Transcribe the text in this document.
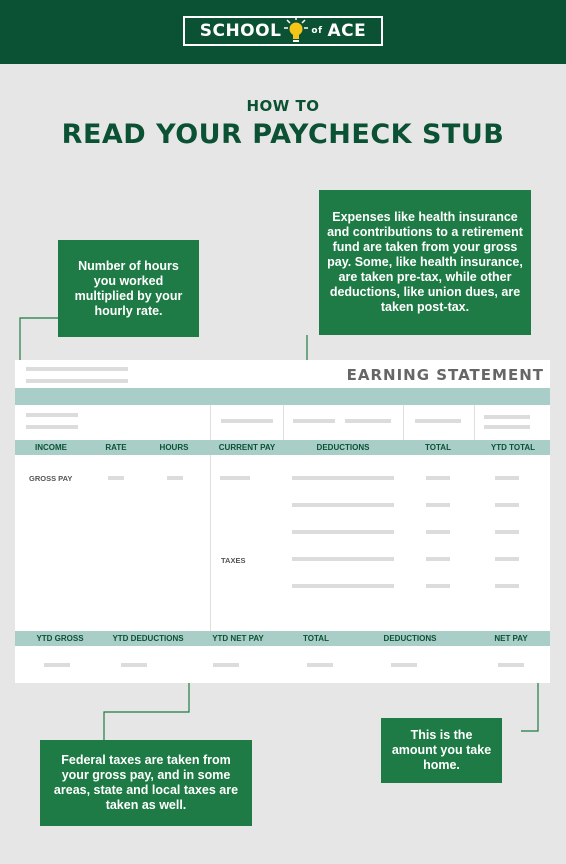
SCHOOL	of ACE
HOW TO
READ YOUR PAYCHECK STUB
Number of hours you worked multiplied by your hourly rate.
Expenses like health insurance and contributions to a retirement fund are taken from your gross pay. Some, like health insurance, are taken pre-tax, while other deductions, like union dues, are taken post-tax.
Federal taxes are taken from your gross pay, and in some areas, state and local taxes are taken as well.
This is the amount you take home.
EARNING STATEMENT
INCOME	RATE	HOURS	CURRENT PAY	DEDUCTIONS	TOTAL	YTD TOTAL
GROSS PAY
TAXES
YTD GROSS	YTD DEDUCTIONS	YTD NET PAY	TOTAL	DEDUCTIONS	NET PAY
